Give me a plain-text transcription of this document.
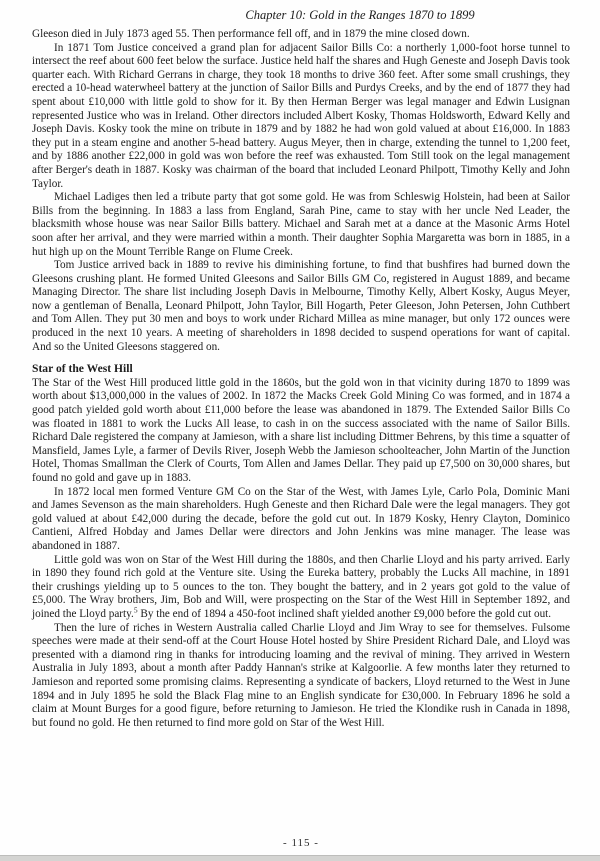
Chapter 10: Gold in the Ranges 1870 to 1899

Gleeson died in July 1873 aged 55. Then performance fell off, and in 1879 the mine closed down.

In 1871 Tom Justice conceived a grand plan for adjacent Sailor Bills Co: a northerly 1,000-foot horse tunnel to intersect the reef about 600 feet below the surface. Justice held half the shares and Hugh Geneste and Joseph Davis took quarter each. With Richard Gerrans in charge, they took 18 months to drive 360 feet. After some small crushings, they erected a 10-head waterwheel battery at the junction of Sailor Bills and Purdys Creeks, and by the end of 1877 they had spent about £10,000 with little gold to show for it. By then Herman Berger was legal manager and Edwin Lusignan represented Justice who was in Ireland. Other directors included Albert Kosky, Thomas Holdsworth, Edward Kelly and Joseph Davis. Kosky took the mine on tribute in 1879 and by 1882 he had won gold valued at about £16,000. In 1883 they put in a steam engine and another 5-head battery. Augus Meyer, then in charge, extending the tunnel to 1,200 feet, and by 1886 another £22,000 in gold was won before the reef was exhausted. Tom Still took on the legal management after Berger's death in 1887. Kosky was chairman of the board that included Leonard Philpott, Timothy Kelly and John Taylor.

Michael Ladiges then led a tribute party that got some gold. He was from Schleswig Holstein, had been at Sailor Bills from the beginning. In 1883 a lass from England, Sarah Pine, came to stay with her uncle Ned Leader, the blacksmith whose house was near Sailor Bills battery. Michael and Sarah met at a dance at the Masonic Arms Hotel soon after her arrival, and they were married within a month. Their daughter Sophia Margaretta was born in 1885, in a hut high up on the Mount Terrible Range on Flume Creek.

Tom Justice arrived back in 1889 to revive his diminishing fortune, to find that bushfires had burned down the Gleesons crushing plant. He formed United Gleesons and Sailor Bills GM Co, registered in August 1889, and became Managing Director. The share list including Joseph Davis in Melbourne, Timothy Kelly, Albert Kosky, Augus Meyer, now a gentleman of Benalla, Leonard Philpott, John Taylor, Bill Hogarth, Peter Gleeson, John Petersen, John Cuthbert and Tom Allen. They put 30 men and boys to work under Richard Millea as mine manager, but only 172 ounces were produced in the next 10 years. A meeting of shareholders in 1898 decided to suspend operations for want of capital. And so the United Gleesons staggered on.

Star of the West Hill

The Star of the West Hill produced little gold in the 1860s, but the gold won in that vicinity during 1870 to 1899 was worth about $13,000,000 in the values of 2002. In 1872 the Macks Creek Gold Mining Co was formed, and in 1874 a good patch yielded gold worth about £11,000 before the lease was abandoned in 1879. The Extended Sailor Bills Co was floated in 1881 to work the Lucks All lease, to cash in on the success associated with the name of Sailor Bills. Richard Dale registered the company at Jamieson, with a share list including Dittmer Behrens, by this time a squatter of Mansfield, James Lyle, a farmer of Devils River, Joseph Webb the Jamieson schoolteacher, John Martin of the Junction Hotel, Thomas Smallman the Clerk of Courts, Tom Allen and James Dellar. They paid up £7,500 on 30,000 shares, but found no gold and gave up in 1883.

In 1872 local men formed Venture GM Co on the Star of the West, with James Lyle, Carlo Pola, Dominic Mani and James Sevenson as the main shareholders. Hugh Geneste and then Richard Dale were the legal managers. They got gold valued at about £42,000 during the decade, before the gold cut out. In 1879 Kosky, Henry Clayton, Dominico Cantieni, Alfred Hobday and James Dellar were directors and John Jenkins was mine manager. The lease was abandoned in 1887.

Little gold was won on Star of the West Hill during the 1880s, and then Charlie Lloyd and his party arrived. Early in 1890 they found rich gold at the Venture site. Using the Eureka battery, probably the Lucks All machine, in 1891 their crushings yielding up to 5 ounces to the ton. They bought the battery, and in 2 years got gold to the value of £5,000. The Wray brothers, Jim, Bob and Will, were prospecting on the Star of the West Hill in September 1892, and joined the Lloyd party.$^5$ By the end of 1894 a 450-foot inclined shaft yielded another £9,000 before the gold cut out.

Then the lure of riches in Western Australia called Charlie Lloyd and Jim Wray to see for themselves. Fulsome speeches were made at their send-off at the Court House Hotel hosted by Shire President Richard Dale, and Lloyd was presented with a diamond ring in thanks for introducing loaming and the revival of mining. They arrived in Western Australia in July 1893, about a month after Paddy Hannan's strike at Kalgoorlie. A few months later they returned to Jamieson and reported some promising claims. Representing a syndicate of backers, Lloyd returned to the West in June 1894 and in July 1895 he sold the Black Flag mine to an English syndicate for £30,000. In February 1896 he sold a claim at Mount Burges for a good figure, before returning to Jamieson. He tried the Klondike rush in Canada in 1898, but found no gold. He then returned to find more gold on Star of the West Hill.

- 115 -
